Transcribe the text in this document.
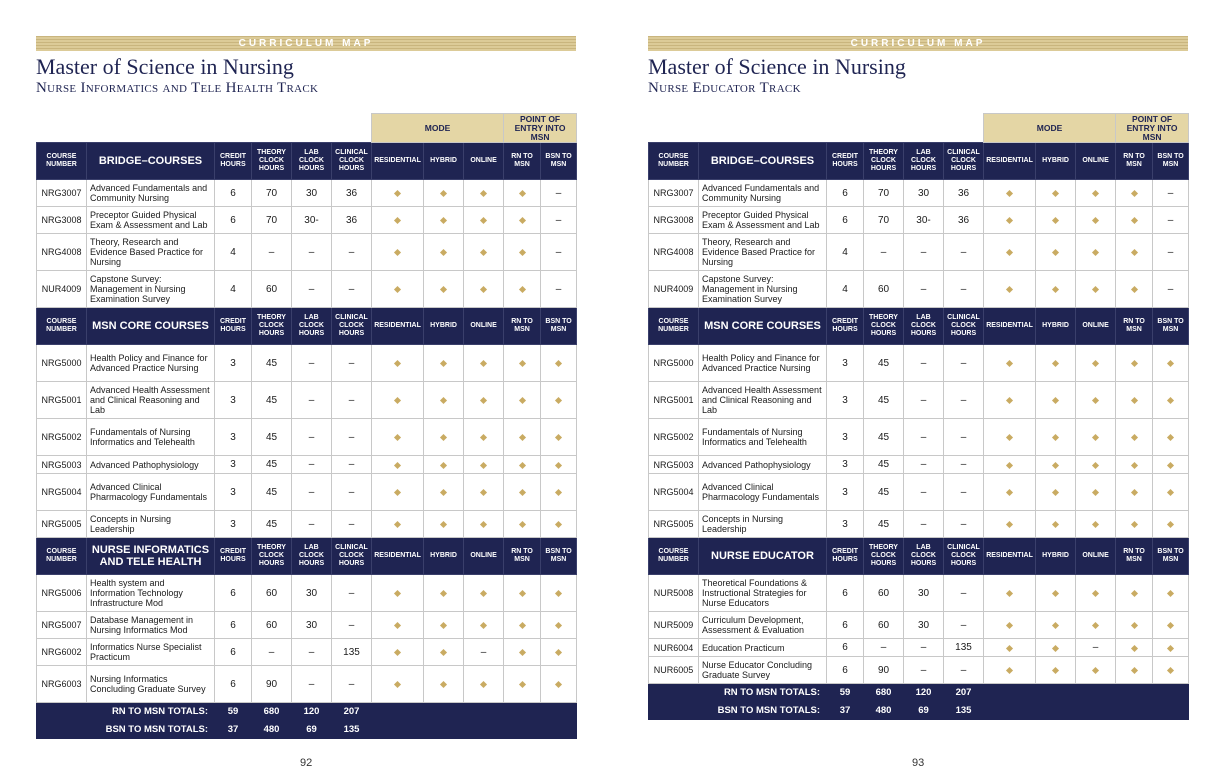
CURRICULUM MAP
Master of Science in Nursing
Nurse Informatics and Tele Health Track
						MODE			POINT OF ENTRY INTO MSN	
COURSE NUMBER	BRIDGE–COURSES	CREDIT HOURS	THEORY CLOCK HOURS	LAB CLOCK HOURS	CLINICAL CLOCK HOURS	RESIDENTIAL	HYBRID	ONLINE	RN TO MSN	BSN TO MSN
NRG3007	Advanced Fundamentals and Community Nursing	6	70	30	36					–
NRG3008	Preceptor Guided Physical Exam & Assessment and Lab	6	70	30-	36					–
NRG4008	Theory, Research and Evidence Based Practice for Nursing	4	–	–	–					–
NUR4009	Capstone Survey: Management in Nursing Examination Survey	4	60	–	–					–
COURSE NUMBER	MSN CORE COURSES	CREDIT HOURS	THEORY CLOCK HOURS	LAB CLOCK HOURS	CLINICAL CLOCK HOURS	RESIDENTIAL	HYBRID	ONLINE	RN TO MSN	BSN TO MSN
NRG5000	Health Policy and Finance for Advanced Practice Nursing	3	45	–	–					
NRG5001	Advanced Health Assessment and Clinical Reasoning and Lab	3	45	–	–					
NRG5002	Fundamentals of Nursing Informatics and Telehealth	3	45	–	–					
NRG5003	Advanced Pathophysiology	3	45	–	–					
NRG5004	Advanced Clinical Pharmacology Fundamentals	3	45	–	–					
NRG5005	Concepts in Nursing Leadership	3	45	–	–					
COURSE NUMBER	NURSE INFORMATICS AND TELE HEALTH	CREDIT HOURS	THEORY CLOCK HOURS	LAB CLOCK HOURS	CLINICAL CLOCK HOURS	RESIDENTIAL	HYBRID	ONLINE	RN TO MSN	BSN TO MSN
NRG5006	Health system and Information Technology Infrastructure Mod	6	60	30	–					
NRG5007	Database Management in Nursing Informatics Mod	6	60	30	–					
NRG6002	Informatics Nurse Specialist Practicum	6	–	–	135			–		
NRG6003	Nursing Informatics Concluding Graduate Survey	6	90	–	–					
RN TO MSN TOTALS:		59	680	120	207					
BSN TO MSN TOTALS:		37	480	69	135					
92
CURRICULUM MAP
Master of Science in Nursing
Nurse Educator Track
						MODE			POINT OF ENTRY INTO MSN	
COURSE NUMBER	BRIDGE–COURSES	CREDIT HOURS	THEORY CLOCK HOURS	LAB CLOCK HOURS	CLINICAL CLOCK HOURS	RESIDENTIAL	HYBRID	ONLINE	RN TO MSN	BSN TO MSN
NRG3007	Advanced Fundamentals and Community Nursing	6	70	30	36					–
NRG3008	Preceptor Guided Physical Exam & Assessment and Lab	6	70	30-	36					–
NRG4008	Theory, Research and Evidence Based Practice for Nursing	4	–	–	–					–
NUR4009	Capstone Survey: Management in Nursing Examination Survey	4	60	–	–					–
COURSE NUMBER	MSN CORE COURSES	CREDIT HOURS	THEORY CLOCK HOURS	LAB CLOCK HOURS	CLINICAL CLOCK HOURS	RESIDENTIAL	HYBRID	ONLINE	RN TO MSN	BSN TO MSN
NRG5000	Health Policy and Finance for Advanced Practice Nursing	3	45	–	–					
NRG5001	Advanced Health Assessment and Clinical Reasoning and Lab	3	45	–	–					
NRG5002	Fundamentals of Nursing Informatics and Telehealth	3	45	–	–					
NRG5003	Advanced Pathophysiology	3	45	–	–					
NRG5004	Advanced Clinical Pharmacology Fundamentals	3	45	–	–					
NRG5005	Concepts in Nursing Leadership	3	45	–	–					
COURSE NUMBER	NURSE EDUCATOR	CREDIT HOURS	THEORY CLOCK HOURS	LAB CLOCK HOURS	CLINICAL CLOCK HOURS	RESIDENTIAL	HYBRID	ONLINE	RN TO MSN	BSN TO MSN
NUR5008	Theoretical Foundations & Instructional Strategies for Nurse Educators	6	60	30	–					
NUR5009	Curriculum Development, Assessment & Evaluation	6	60	30	–					
NUR6004	Education Practicum	6	–	–	135			–		
NUR6005	Nurse Educator Concluding Graduate Survey	6	90	–	–					
RN TO MSN TOTALS:		59	680	120	207					
BSN TO MSN TOTALS:		37	480	69	135					
93
